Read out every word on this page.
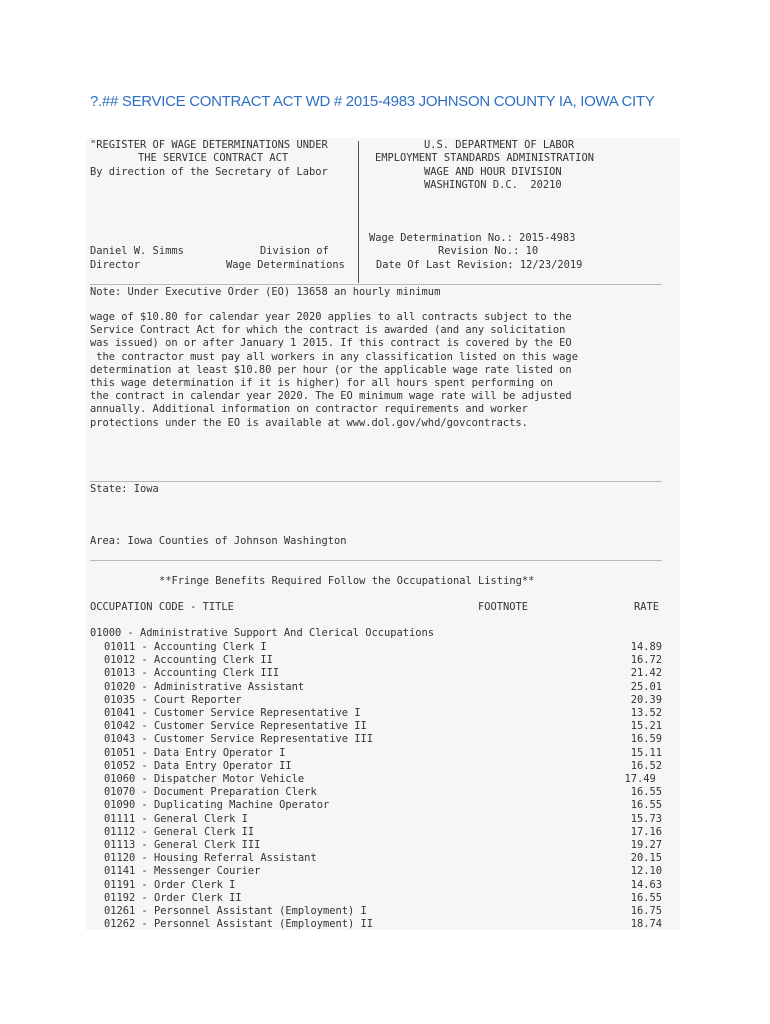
?.## SERVICE CONTRACT ACT WD # 2015-4983 JOHNSON COUNTY IA, IOWA CITY
"REGISTER OF WAGE DETERMINATIONS UNDER
THE SERVICE CONTRACT ACT
By direction of the Secretary of Labor
U.S. DEPARTMENT OF LABOR
EMPLOYMENT STANDARDS ADMINISTRATION
WAGE AND HOUR DIVISION
WASHINGTON D.C.  20210
Wage Determination No.: 2015-4983
Revision No.: 10
Date Of Last Revision: 12/23/2019
Daniel W. Simms	Division of
Director	Wage Determinations
Note: Under Executive Order (EO) 13658 an hourly minimum
wage of $10.80 for calendar year 2020 applies to all contracts subject to the
Service Contract Act for which the contract is awarded (and any solicitation
was issued) on or after January 1 2015. If this contract is covered by the EO
the contractor must pay all workers in any classification listed on this wage
determination at least $10.80 per hour (or the applicable wage rate listed on
this wage determination if it is higher) for all hours spent performing on
the contract in calendar year 2020. The EO minimum wage rate will be adjusted
annually. Additional information on contractor requirements and worker
protections under the EO is available at www.dol.gov/whd/govcontracts.
State: Iowa
Area: Iowa Counties of Johnson Washington
**Fringe Benefits Required Follow the Occupational Listing**
OCCUPATION CODE - TITLE	FOOTNOTE	RATE
01000 - Administrative Support And Clerical Occupations
01011 - Accounting Clerk I	14.89
01012 - Accounting Clerk II	16.72
01013 - Accounting Clerk III	21.42
01020 - Administrative Assistant	25.01
01035 - Court Reporter	20.39
01041 - Customer Service Representative I	13.52
01042 - Customer Service Representative II	15.21
01043 - Customer Service Representative III	16.59
01051 - Data Entry Operator I	15.11
01052 - Data Entry Operator II	16.52
01060 - Dispatcher Motor Vehicle	17.49
01070 - Document Preparation Clerk	16.55
01090 - Duplicating Machine Operator	16.55
01111 - General Clerk I	15.73
01112 - General Clerk II	17.16
01113 - General Clerk III	19.27
01120 - Housing Referral Assistant	20.15
01141 - Messenger Courier	12.10
01191 - Order Clerk I	14.63
01192 - Order Clerk II	16.55
01261 - Personnel Assistant (Employment) I	16.75
01262 - Personnel Assistant (Employment) II	18.74
